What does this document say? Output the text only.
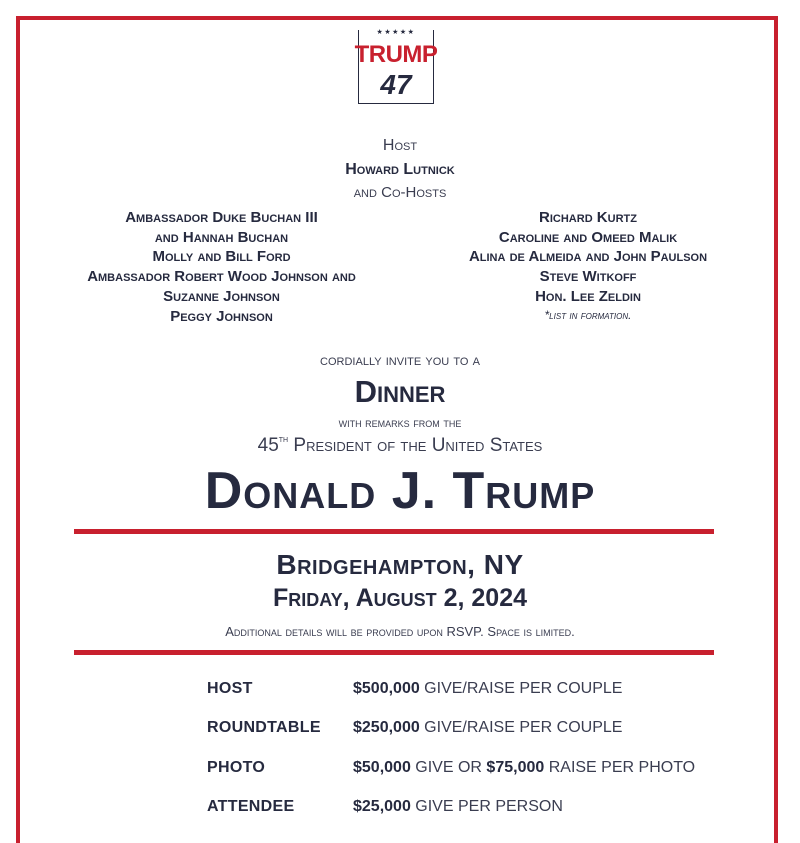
★★★★★
TRUMP
47
Host
Howard Lutnick
and Co-Hosts
Ambassador Duke Buchan III
and Hannah Buchan
Molly and Bill Ford
Ambassador Robert Wood Johnson and
Suzanne Johnson
Peggy Johnson
Richard Kurtz
Caroline and Omeed Malik
Alina de Almeida and John Paulson
Steve Witkoff
Hon. Lee Zeldin
*list in formation.
cordially invite you to a
Dinner
with remarks from the
45th President of the United States
Donald J. Trump
Bridgehampton, NY
Friday, August 2, 2024
Additional details will be provided upon RSVP. Space is limited.
HOST	$500,000 GIVE/RAISE PER COUPLE
ROUNDTABLE $250,000 GIVE/RAISE PER COUPLE
PHOTO	$50,000 GIVE OR $75,000 RAISE PER PHOTO
ATTENDEE	$25,000 GIVE PER PERSON
